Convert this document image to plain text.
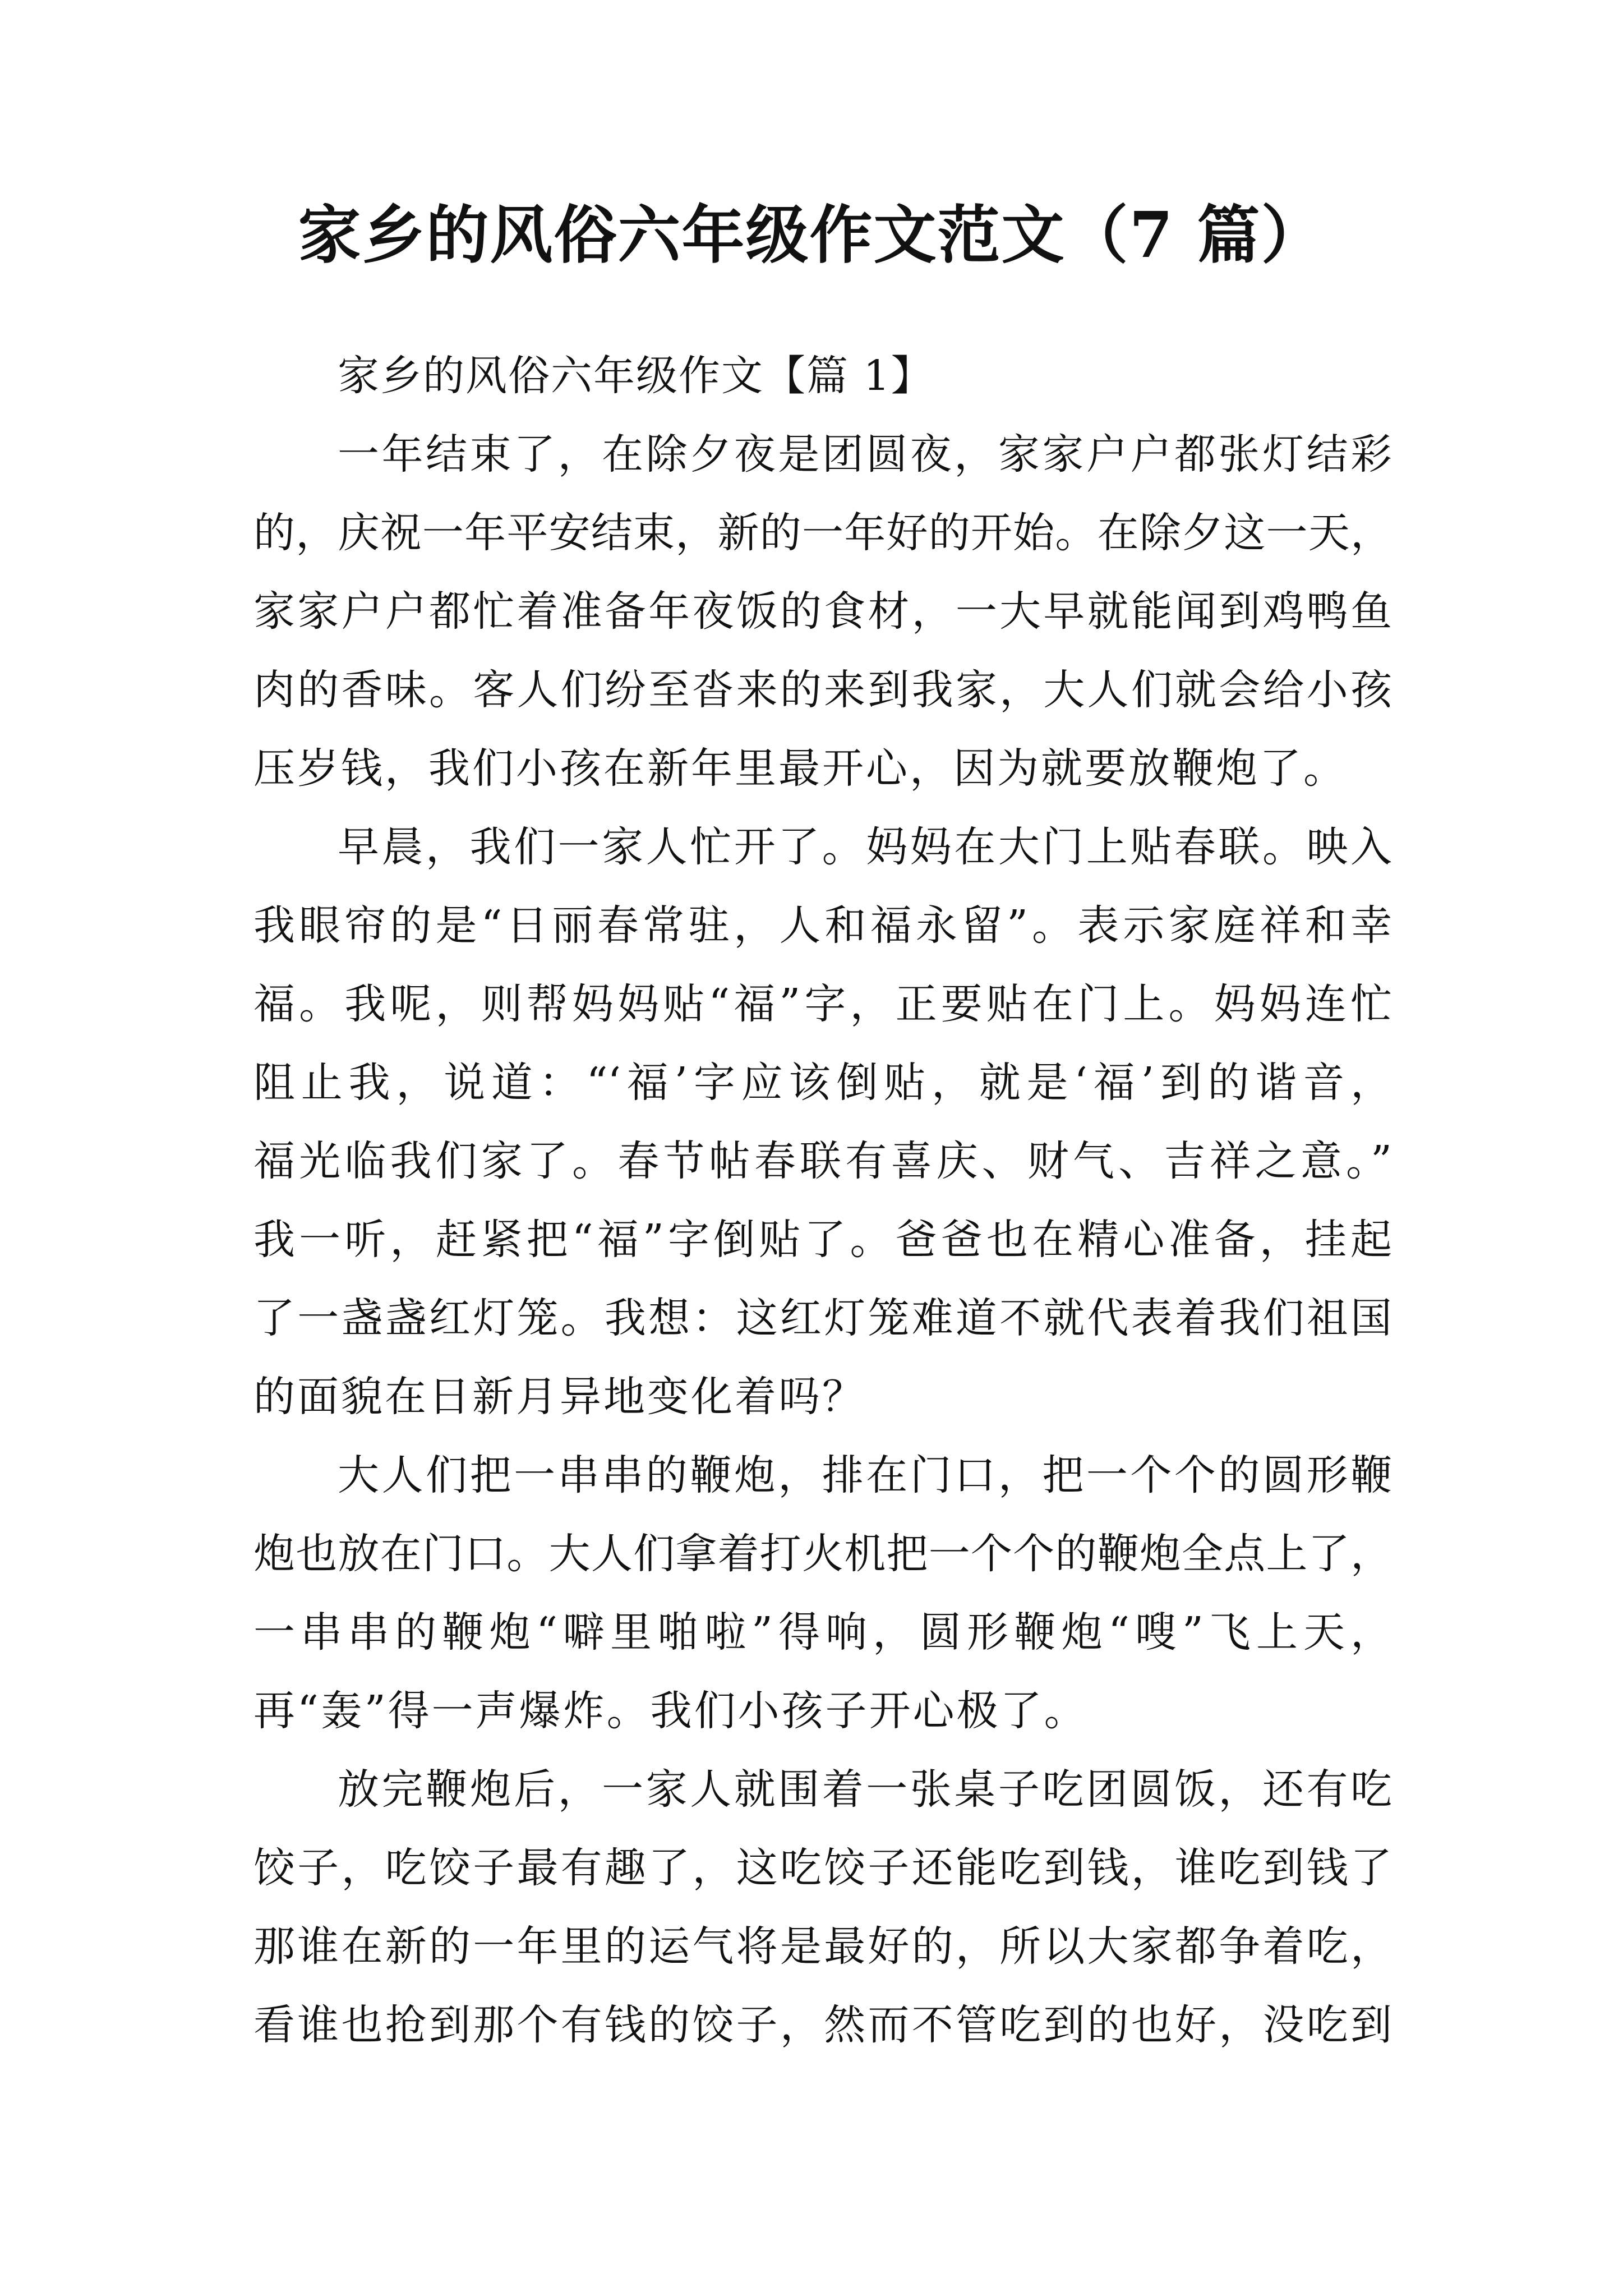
家乡的风俗六年级作文范文（7 篇）
家乡的风俗六年级作文【篇 1】

一年结束了，在除夕夜是团圆夜，家家户户都张灯结彩
的，庆祝一年平安结束，新的一年好的开始。在除夕这一天，
家家户户都忙着准备年夜饭的食材，一大早就能闻到鸡鸭鱼
肉的香味。客人们纷至沓来的来到我家，大人们就会给小孩
压岁钱，我们小孩在新年里最开心，因为就要放鞭炮了。

早晨，我们一家人忙开了。妈妈在大门上贴春联。映入
我眼帘的是“日丽春常驻，人和福永留”。表示家庭祥和幸
福。我呢，则帮妈妈贴“福”字，正要贴在门上。妈妈连忙
阻止我，说道：“‘福’字应该倒贴，就是‘福’到的谐音，
福光临我们家了。春节帖春联有喜庆、财气、吉祥之意。”
我一听，赶紧把“福”字倒贴了。爸爸也在精心准备，挂起
了一盏盏红灯笼。我想：这红灯笼难道不就代表着我们祖国
的面貌在日新月异地变化着吗？

大人们把一串串的鞭炮，排在门口，把一个个的圆形鞭
炮也放在门口。大人们拿着打火机把一个个的鞭炮全点上了，
一串串的鞭炮“噼里啪啦”得响，圆形鞭炮“嗖”飞上天，
再“轰”得一声爆炸。我们小孩子开心极了。

放完鞭炮后，一家人就围着一张桌子吃团圆饭，还有吃
饺子，吃饺子最有趣了，这吃饺子还能吃到钱，谁吃到钱了
那谁在新的一年里的运气将是最好的，所以大家都争着吃，
看谁也抢到那个有钱的饺子，然而不管吃到的也好，没吃到
